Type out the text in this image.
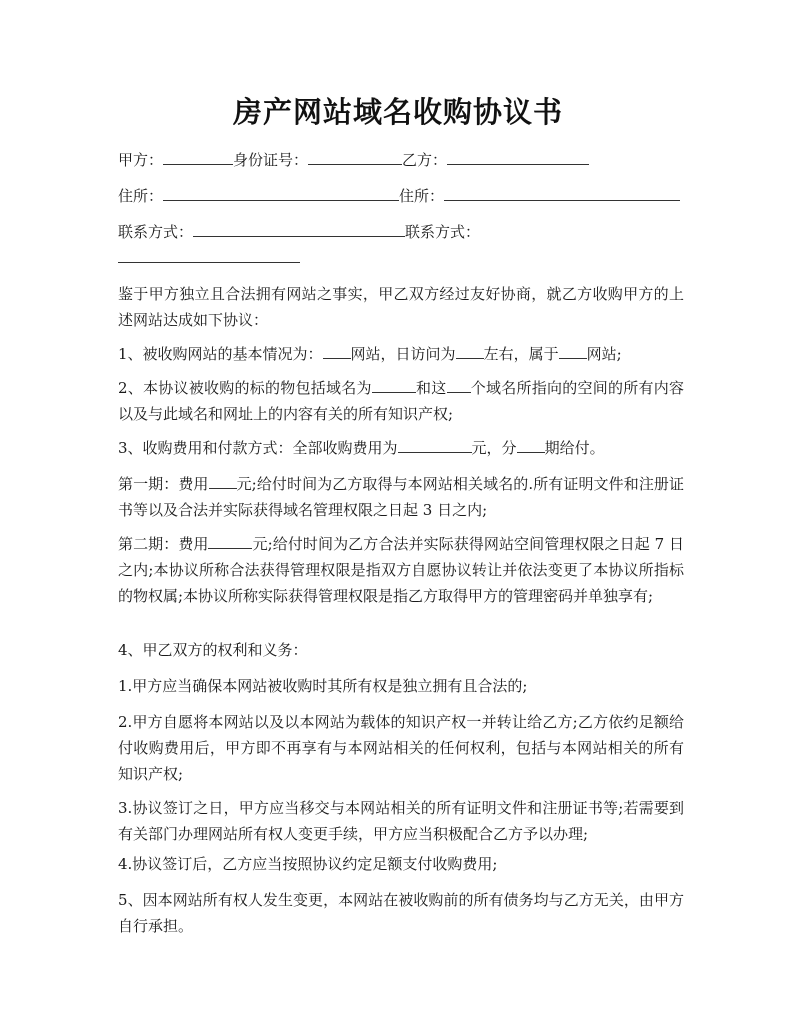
房产网站域名收购协议书
甲方：	身份证号：	乙方：
住所：	住所：
联系方式：	联系方式：
鉴于甲方独立且合法拥有网站之事实，甲乙双方经过友好协商，就乙方收购甲方的上述网站达成如下协议：
1、被收购网站的基本情况为： 网站，日访问为 左右，属于 网站;
2、本协议被收购的标的物包括域名为	和这 个域名所指向的空间的所有内容以及与此域名和网址上的内容有关的所有知识产权;
3、收购费用和付款方式：全部收购费用为	元，分 期给付。
第一期：费用 元;给付时间为乙方取得与本网站相关域名的.所有证明文件和注册证书等以及合法并实际获得域名管理权限之日起 3 日之内;
第二期：费用	元;给付时间为乙方合法并实际获得网站空间管理权限之日起 7 日之内;本协议所称合法获得管理权限是指双方自愿协议转让并依法变更了本协议所指标的物权属;本协议所称实际获得管理权限是指乙方取得甲方的管理密码并单独享有;
4、甲乙双方的权利和义务：
1.甲方应当确保本网站被收购时其所有权是独立拥有且合法的;
2.甲方自愿将本网站以及以本网站为载体的知识产权一并转让给乙方;乙方依约足额给付收购费用后，甲方即不再享有与本网站相关的任何权利，包括与本网站相关的所有知识产权;
3.协议签订之日，甲方应当移交与本网站相关的所有证明文件和注册证书等;若需要到有关部门办理网站所有权人变更手续，甲方应当积极配合乙方予以办理;
4.协议签订后，乙方应当按照协议约定足额支付收购费用;
5、因本网站所有权人发生变更，本网站在被收购前的所有债务均与乙方无关，由甲方自行承担。
